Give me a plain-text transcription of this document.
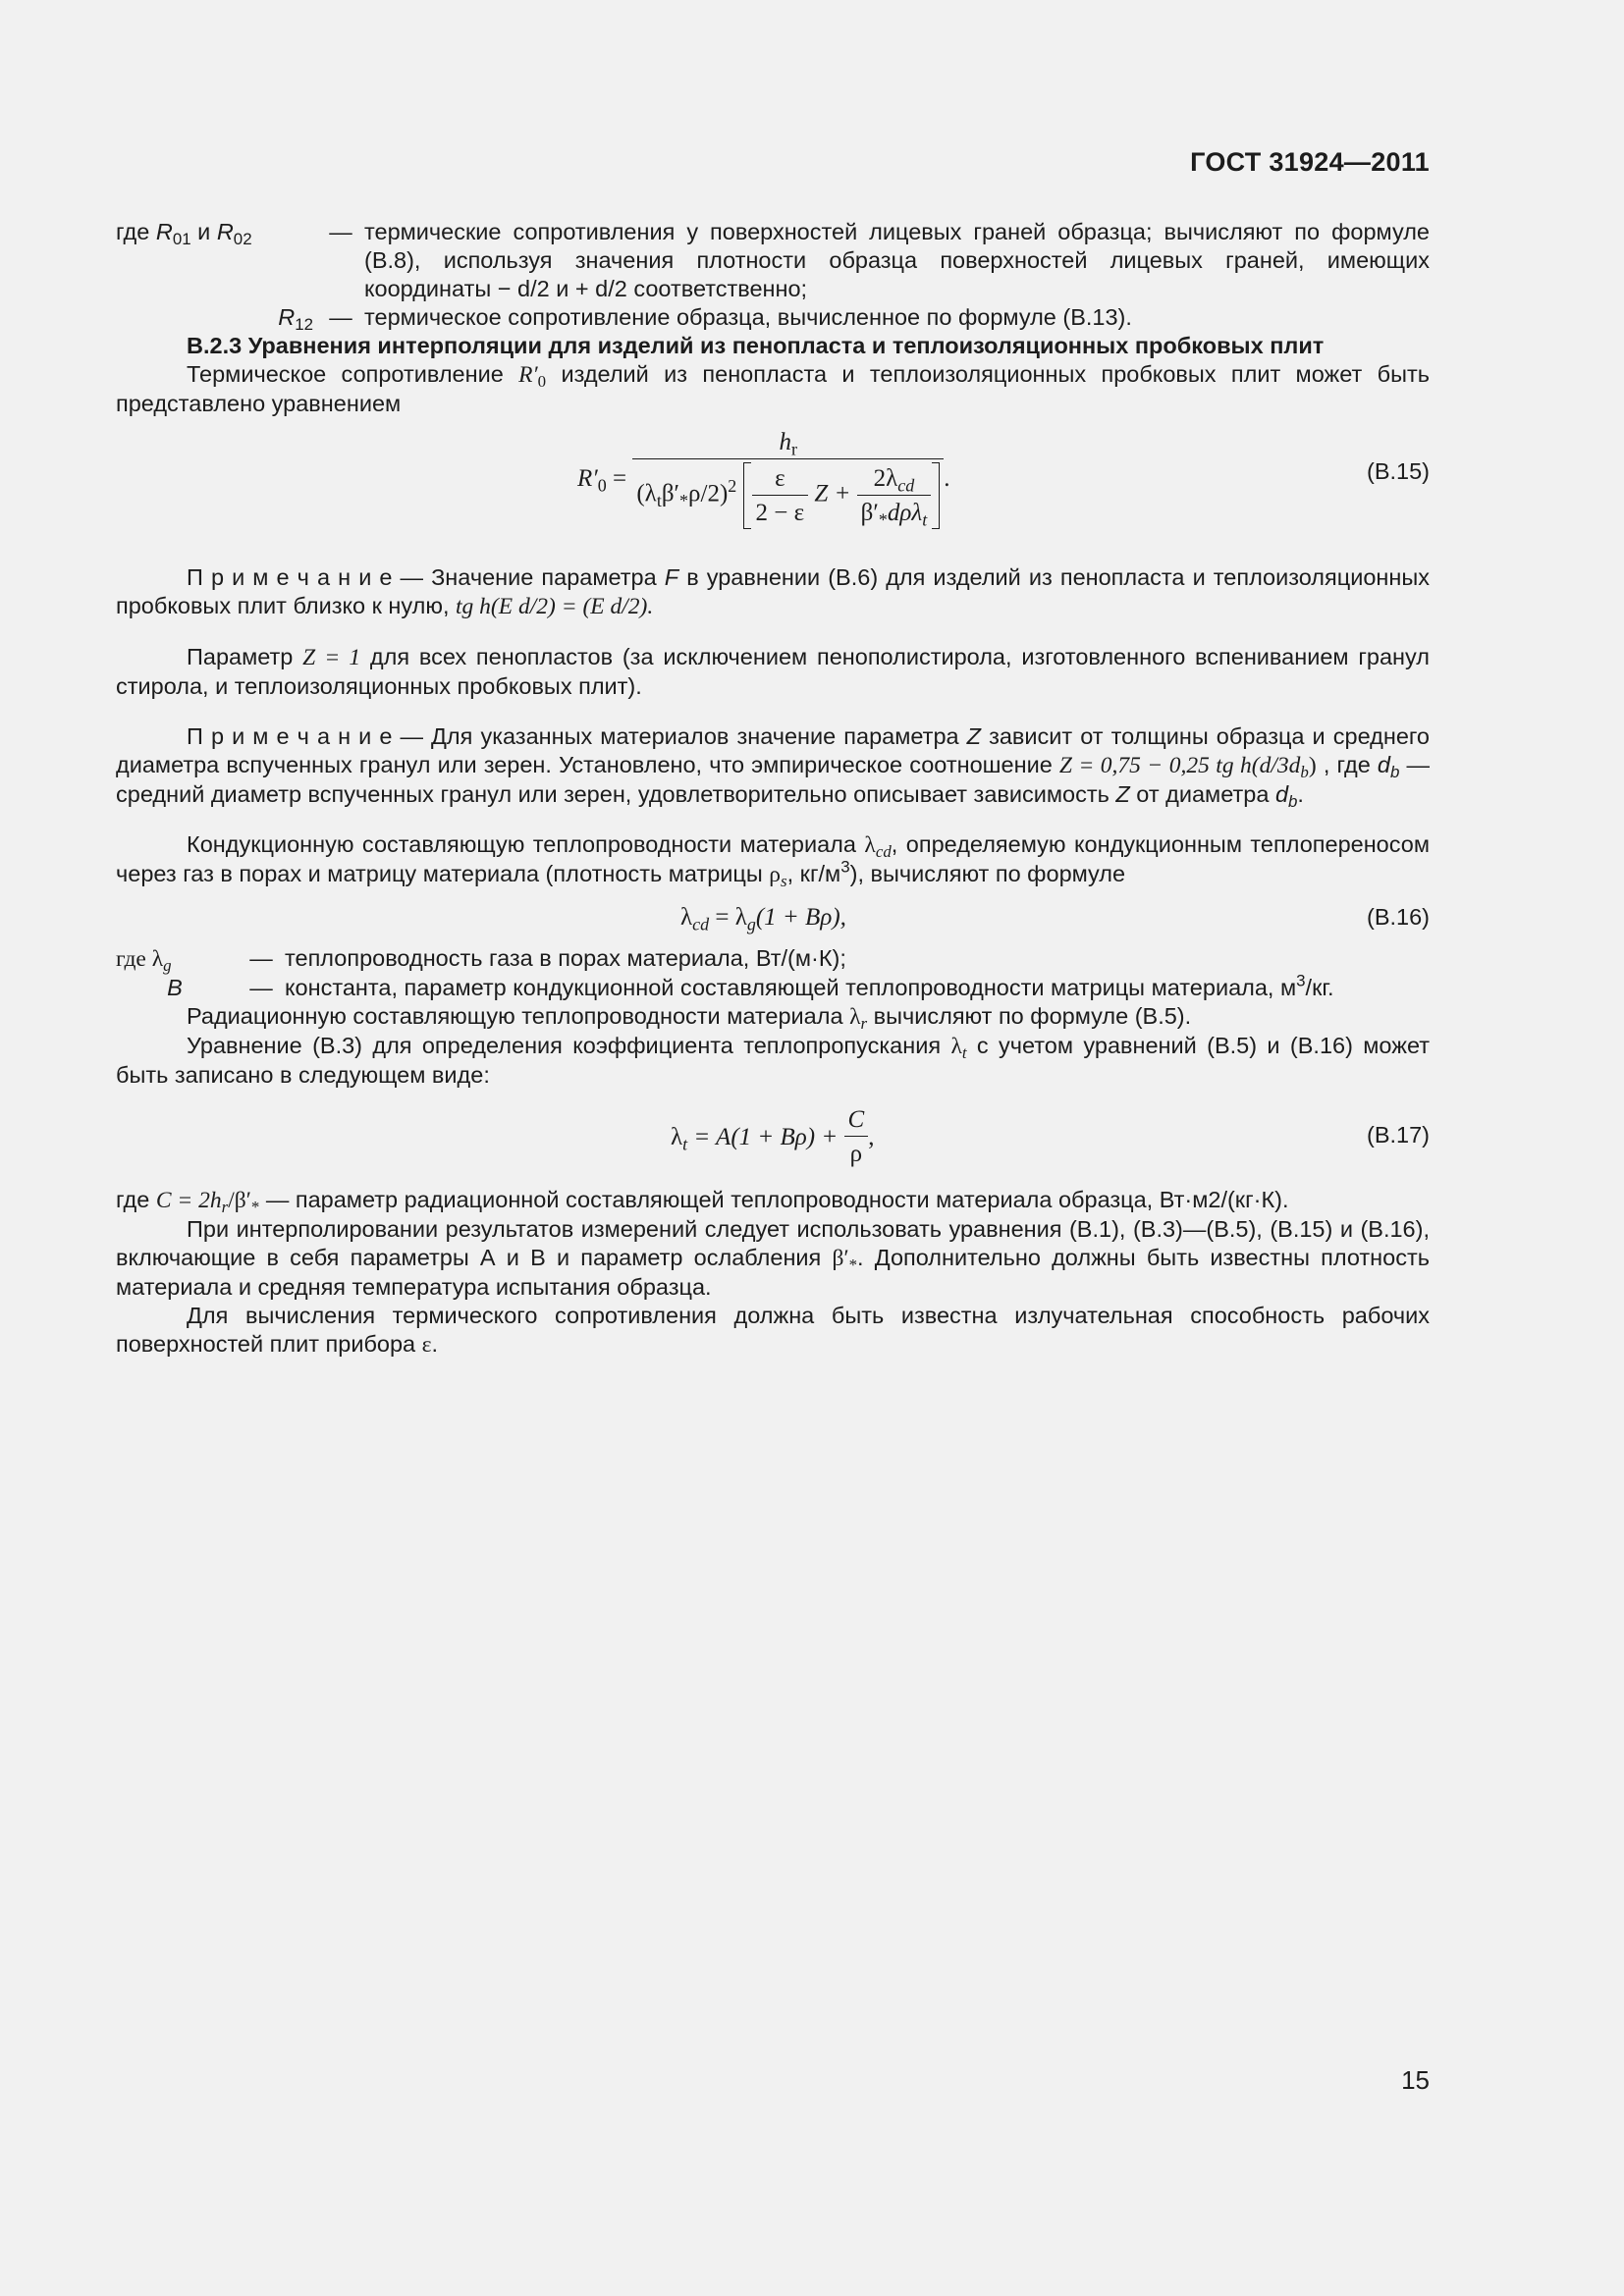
ГОСТ 31924—2011
где $R_{01}$ и $R_{02}$	— термические сопротивления у поверхностей лицевых граней образца; вычисляют по формуле (В.8), используя значения плотности образца поверхностей лицевых граней, имеющих координаты − d/2 и + d/2 соответственно;
$R_{12}$ — термическое сопротивление образца, вычисленное по формуле (В.13).

В.2.3 Уравнения интерполяции для изделий из пенопласта и теплоизоляционных пробковых плит

Термическое сопротивление $R'_0$ изделий из пенопласта и теплоизоляционных пробковых плит может быть представлено уравнением

$R'_0$ =
$h_r$
$(\lambda_t\beta'_*\rho/2)^2 \frac{\varepsilon}{2 - \varepsilon}$ $Z + \frac{2\lambda_{cd}}{\beta'_*d\rho\lambda_t}$ .	(В.15)

П р и м е ч а н и е — Значение параметра F в уравнении (В.6) для изделий из пенопласта и теплоизоляционных пробковых плит близко к нулю, tg h(E d/2) = (E d/2).

Параметр Z = 1 для всех пенопластов (за исключением пенополистирола, изготовленного вспениванием гранул стирола, и теплоизоляционных пробковых плит).

П р и м е ч а н и е — Для указанных материалов значение параметра Z зависит от толщины образца и среднего диаметра вспученных гранул или зерен. Установлено, что эмпирическое соотношение Z = 0,75 − 0,25 tg $h(d/3d_b)$ , где $d_b$ — средний диаметр вспученных гранул или зерен, удовлетворительно описывает зависимость Z от диаметра $d_b$.

Кондукционную составляющую теплопроводности материала $\lambda_{cd}$, определяемую кондукционным теплопереносом через газ в порах и матрицу материала (плотность матрицы $\rho_s$, $кг/м^3$), вычисляют по формуле

$\lambda_{cd} = \lambda_g(1 + B\rho)$,	(В.16)
где $\lambda_g$	— теплопроводность газа в порах материала, Вт/(м·К);
B	— константа, параметр кондукционной составляющей теплопроводности матрицы материала, $м^3/кг$.

Радиационную составляющую теплопроводности материала $\lambda_r$ вычисляют по формуле (В.5).

Уравнение (В.3) для определения коэффициента теплопропускания $\lambda_t$ с учетом уравнений (В.5) и (В.16) может быть записано в следующем виде:

$\lambda_t = A(1 + B\rho) + \frac{C}{\rho}$ ,	(В.17)

где $C = 2h_r/\beta'_*$ — параметр радиационной составляющей теплопроводности материала образца, Вт·м2/(кг·К).

При интерполировании результатов измерений следует использовать уравнения (В.1), (В.3)—(В.5), (В.15) и (В.16), включающие в себя параметры А и В и параметр ослабления $\beta'_*$. Дополнительно должны быть известны плотность материала и средняя температура испытания образца.

Для вычисления термического сопротивления должна быть известна излучательная способность рабочих поверхностей плит прибора ε.

15
